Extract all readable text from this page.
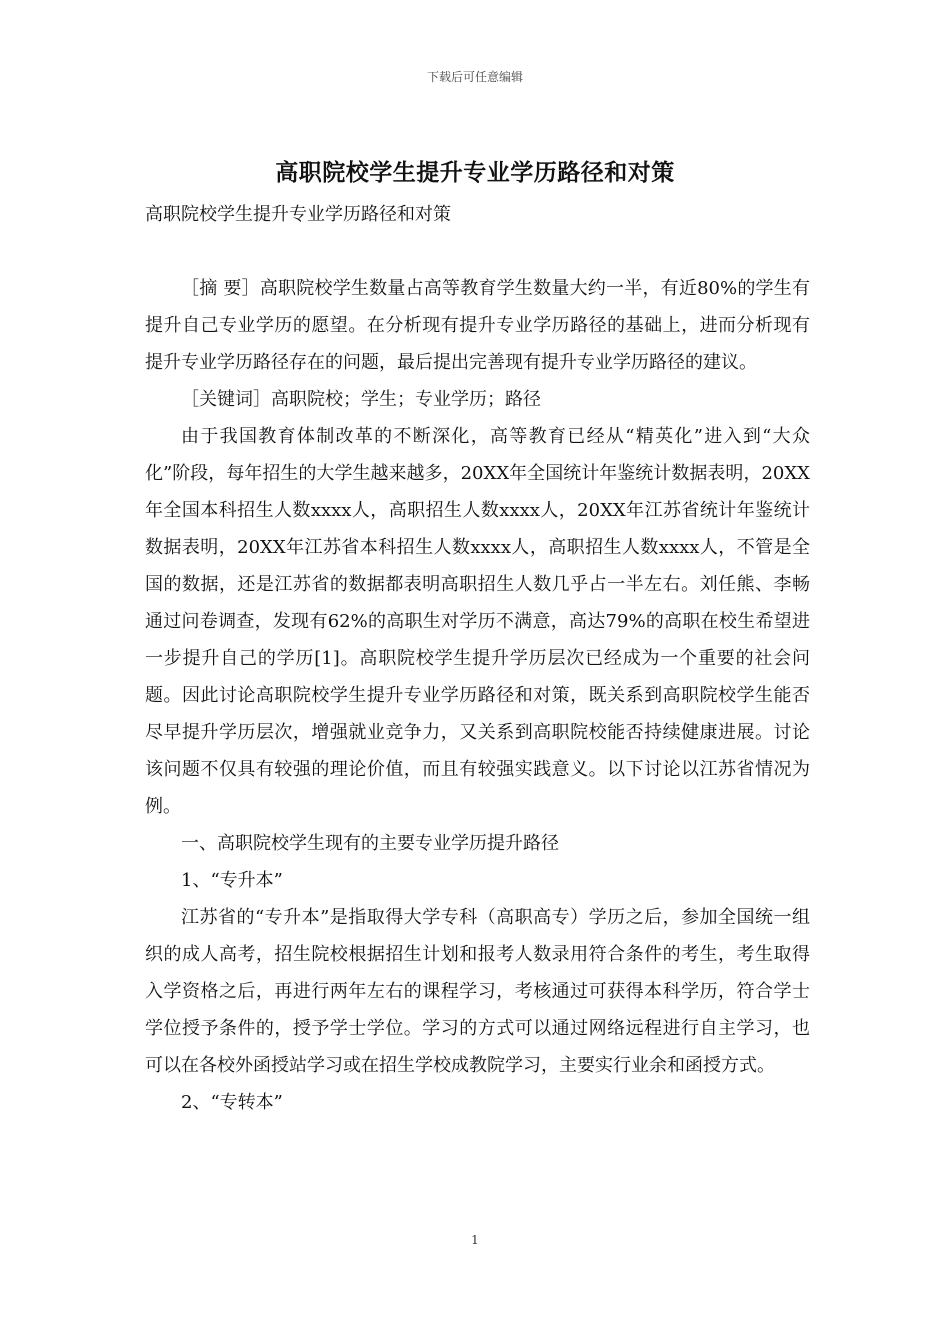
下载后可任意编辑
高职院校学生提升专业学历路径和对策
高职院校学生提升专业学历路径和对策

［摘 要］高职院校学生数量占高等教育学生数量大约一半，有近80%的学生有提升自己专业学历的愿望。在分析现有提升专业学历路径的基础上，进而分析现有提升专业学历路径存在的问题，最后提出完善现有提升专业学历路径的建议。

［关键词］高职院校；学生；专业学历；路径

由于我国教育体制改革的不断深化，高等教育已经从“精英化”进入到“大众化”阶段，每年招生的大学生越来越多，20XX年全国统计年鉴统计数据表明，20XX年全国本科招生人数xxxx人，高职招生人数xxxx人，20XX年江苏省统计年鉴统计数据表明，20XX年江苏省本科招生人数xxxx人，高职招生人数xxxx人，不管是全国的数据，还是江苏省的数据都表明高职招生人数几乎占一半左右。刘任熊、李畅通过问卷调查，发现有62%的高职生对学历不满意，高达79%的高职在校生希望进一步提升自己的学历[1]。高职院校学生提升学历层次已经成为一个重要的社会问题。因此讨论高职院校学生提升专业学历路径和对策，既关系到高职院校学生能否尽早提升学历层次，增强就业竞争力，又关系到高职院校能否持续健康进展。讨论该问题不仅具有较强的理论价值，而且有较强实践意义。以下讨论以江苏省情况为例。

一、高职院校学生现有的主要专业学历提升路径

1、“专升本”

江苏省的“专升本”是指取得大学专科（高职高专）学历之后，参加全国统一组织的成人高考，招生院校根据招生计划和报考人数录用符合条件的考生，考生取得入学资格之后，再进行两年左右的课程学习，考核通过可获得本科学历，符合学士学位授予条件的，授予学士学位。学习的方式可以通过网络远程进行自主学习，也可以在各校外函授站学习或在招生学校成教院学习，主要实行业余和函授方式。

2、“专转本”

1
